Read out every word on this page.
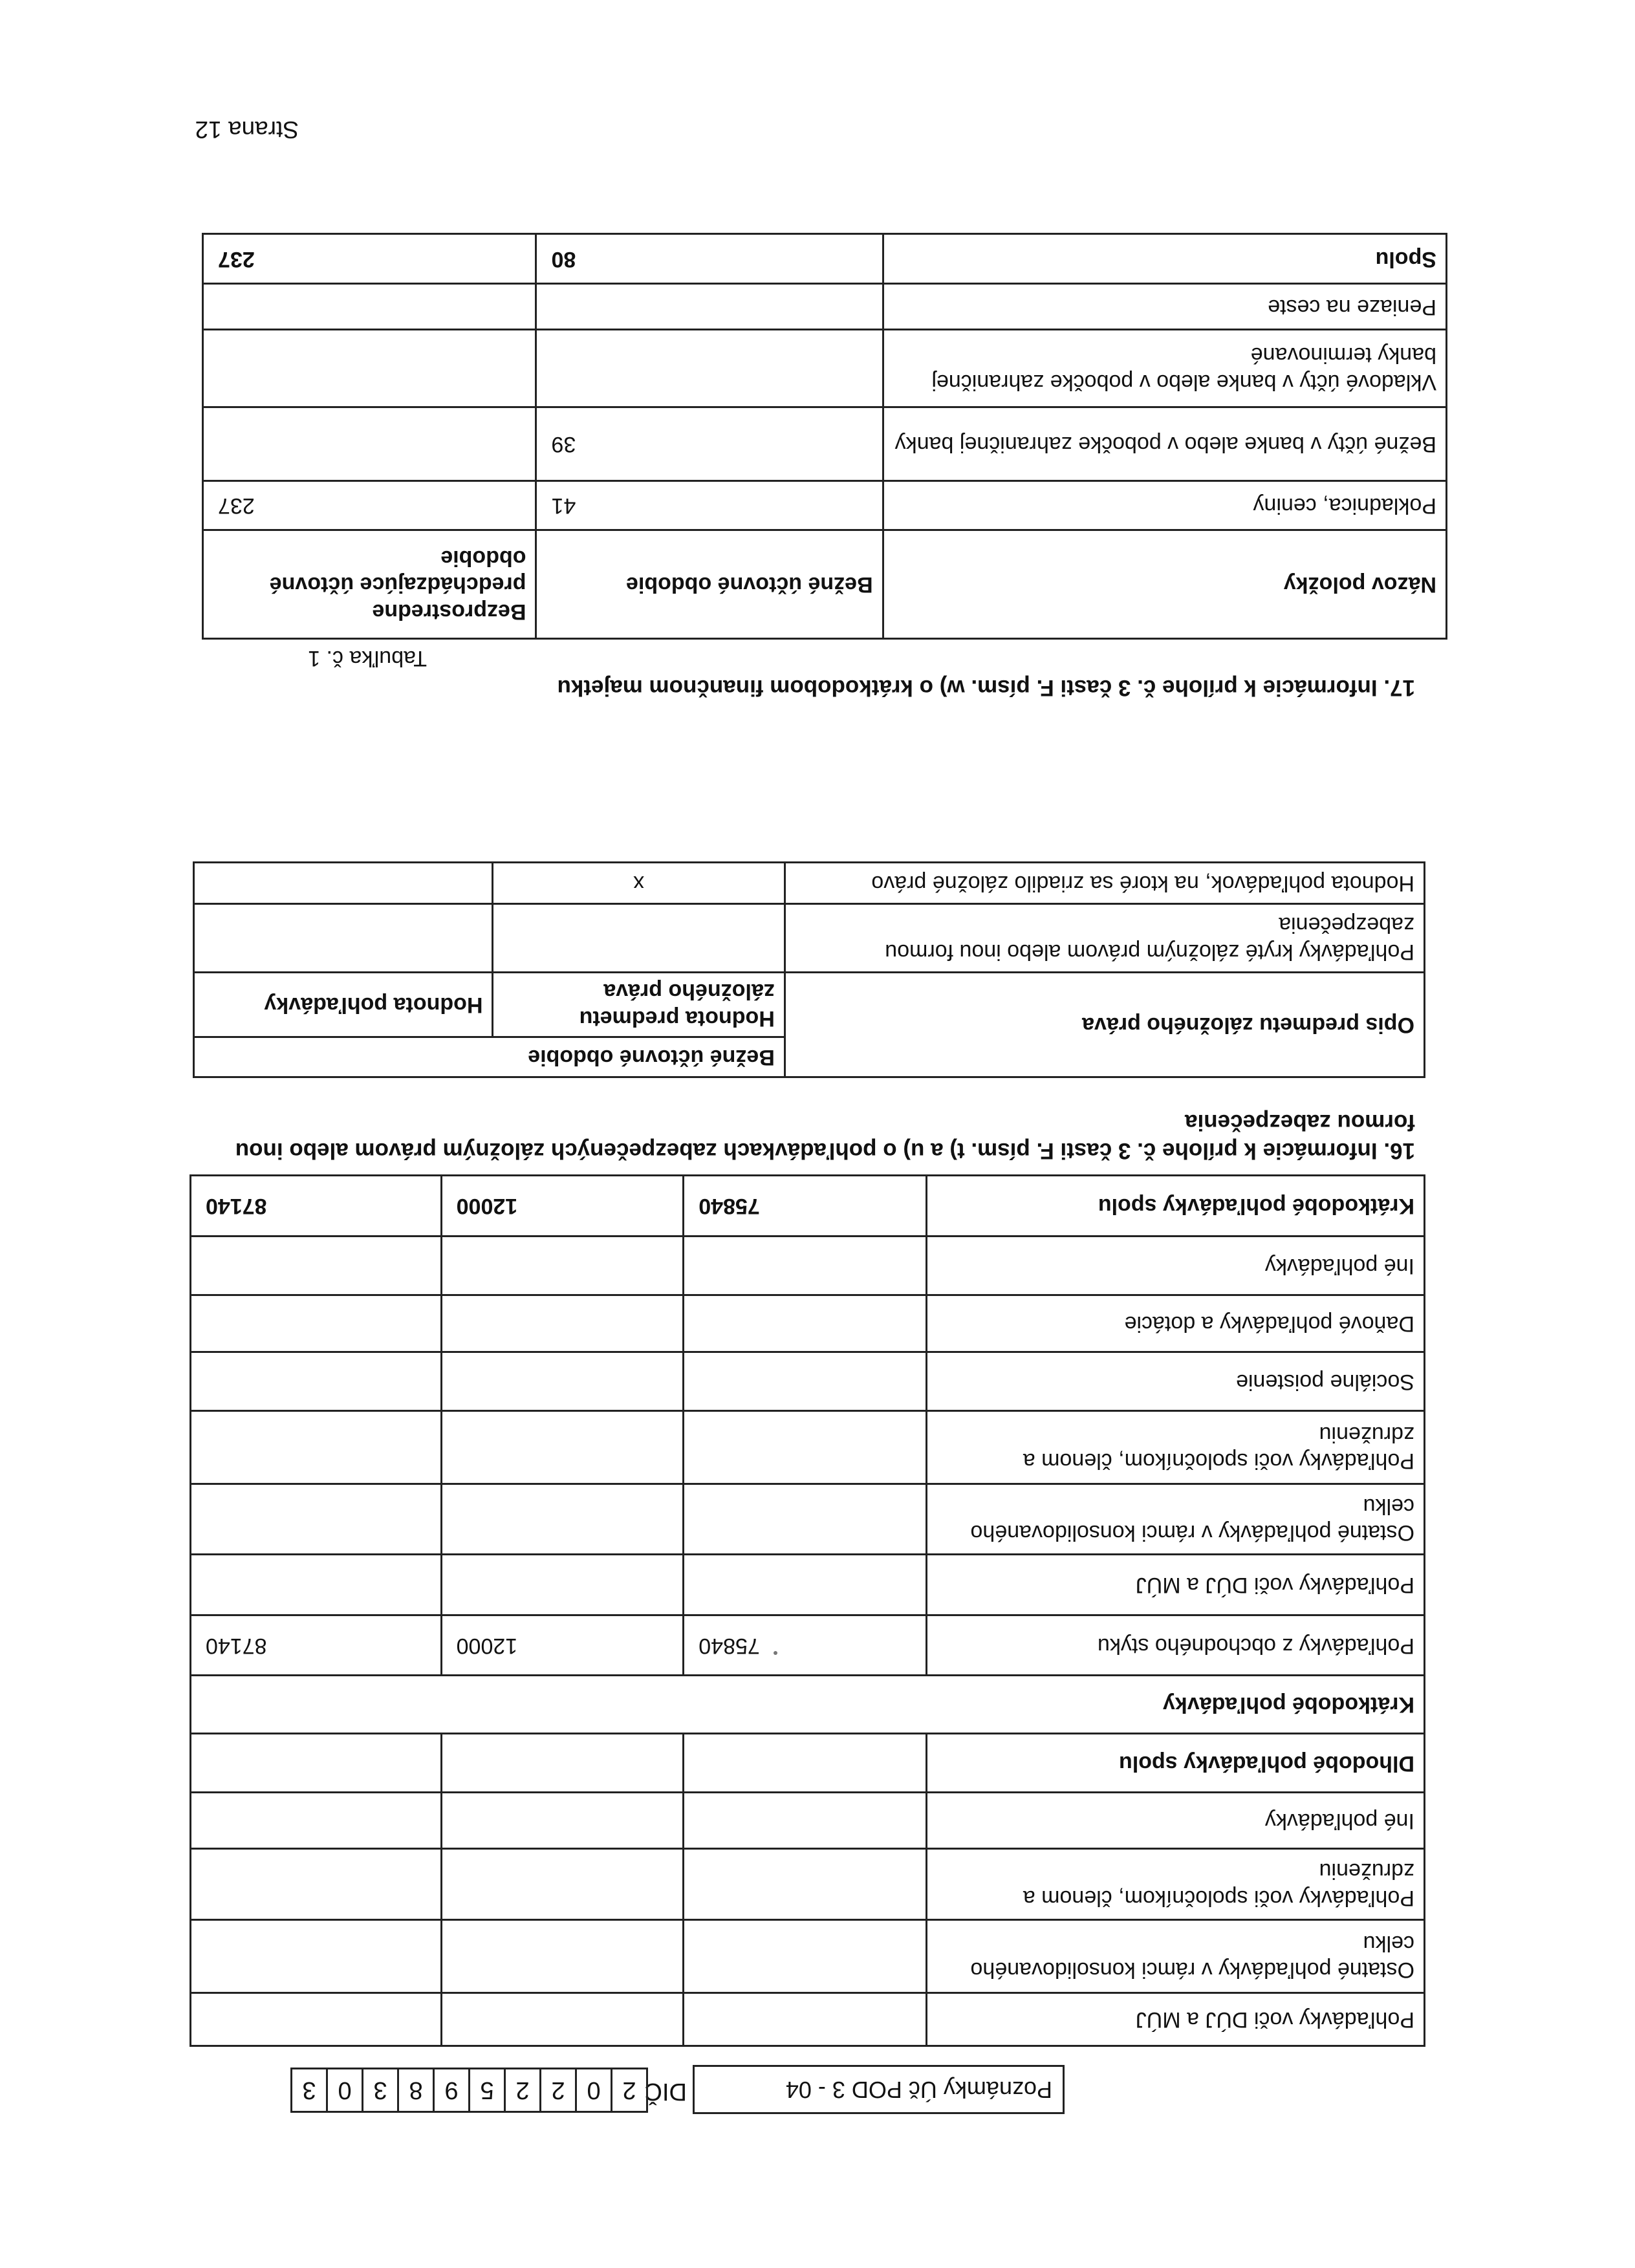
Poznámky Úč POD 3 - 04
DIČ
2
0
2
2
5
9
8
3
0
3
Pohľadávky voči DÚJ a MÚJ			
Ostatné pohľadávky v rámci konsolidovaného celku			
Pohľadávky voči spoločníkom, členom a združeniu			
Iné pohľadávky			
Dlhodobé pohľadávky spolu			
Krátkodobé pohľadávky			
Pohľadávky z obchodného styku	75840	12000	87140
Pohľadávky voči DÚJ a MÚJ			
Ostatné pohľadávky v rámci konsolidovaného celku			
Pohľadávky voči spoločníkom, členom a združeniu			
Sociálne poistenie			
Daňové pohľadávky a dotácie			
Iné pohľadávky			
Krátkodobé pohľadávky spolu	75840	12000	87140
16. Informácie k prílohe č. 3 časti F. písm. t) a u) o pohľadávkach zabezpečených záložným právom alebo inou formou zabezpečenia
Opis predmetu záložného práva	Bežné účtovné obdobie	
	Hodnota predmetu záložného práva	Hodnota pohľadávky
Pohľadávky kryté záložným právom alebo inou formou zabezpečenia		
Hodnota pohľadávok, na ktoré sa zriadilo záložné právo	x	
17. Informácie k prílohe č. 3 časti F. písm. w) o krátkodobom finančnom majetku
Tabuľka č. 1
Názov položky	Bežné účtovné obdobie	Bezprostredne predchádzajúce účtovné obdobie
Pokladnica, ceniny	41	237
Bežné účty v banke alebo v pobočke zahraničnej banky	39	
Vkladové účty v banke alebo v pobočke zahraničnej banky terminované		
Peniaze na ceste		
Spolu	80	237
Strana 12
